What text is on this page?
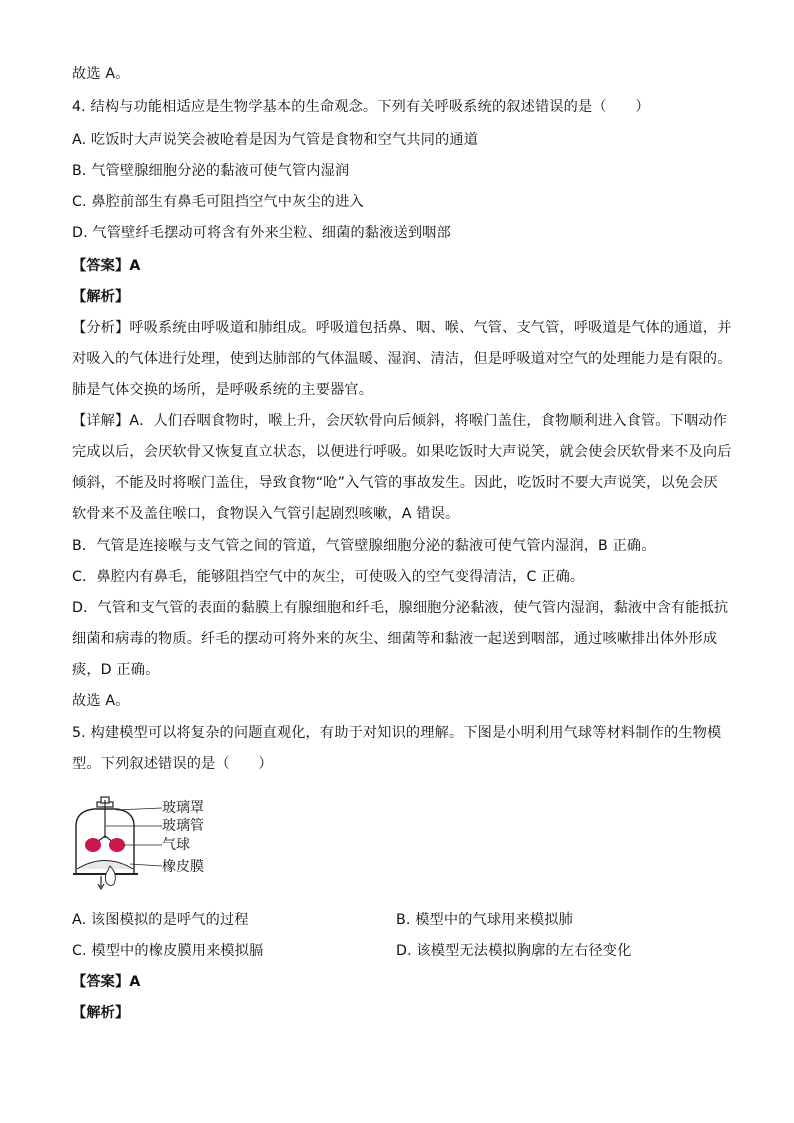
故选 A。
4. 结构与功能相适应是生物学基本的生命观念。下列有关呼吸系统的叙述错误的是（　　）
A. 吃饭时大声说笑会被呛着是因为气管是食物和空气共同的通道
B. 气管壁腺细胞分泌的黏液可使气管内湿润
C. 鼻腔前部生有鼻毛可阻挡空气中灰尘的进入
D. 气管壁纤毛摆动可将含有外来尘粒、细菌的黏液送到咽部
【答案】A
【解析】
【分析】呼吸系统由呼吸道和肺组成。呼吸道包括鼻、咽、喉、气管、支气管，呼吸道是气体的通道，并
对吸入的气体进行处理，使到达肺部的气体温暖、湿润、清洁，但是呼吸道对空气的处理能力是有限的。
肺是气体交换的场所，是呼吸系统的主要器官。
【详解】A．人们吞咽食物时，喉上升，会厌软骨向后倾斜，将喉门盖住，食物顺利进入食管。下咽动作
完成以后，会厌软骨又恢复直立状态，以便进行呼吸。如果吃饭时大声说笑，就会使会厌软骨来不及向后
倾斜，不能及时将喉门盖住，导致食物“呛”入气管的事故发生。因此，吃饭时不要大声说笑，以免会厌
软骨来不及盖住喉口，食物误入气管引起剧烈咳嗽，A 错误。
B．气管是连接喉与支气管之间的管道，气管壁腺细胞分泌的黏液可使气管内湿润，B 正确。
C．鼻腔内有鼻毛，能够阻挡空气中的灰尘，可使吸入的空气变得清洁，C 正确。
D．气管和支气管的表面的黏膜上有腺细胞和纤毛，腺细胞分泌黏液，使气管内湿润，黏液中含有能抵抗
细菌和病毒的物质。纤毛的摆动可将外来的灰尘、细菌等和黏液一起送到咽部，通过咳嗽排出体外形成
痰，D 正确。
故选 A。
5. 构建模型可以将复杂的问题直观化，有助于对知识的理解。下图是小明利用气球等材料制作的生物模
型。下列叙述错误的是（　　）
玻璃罩
玻璃管
气球
橡皮膜
A. 该图模拟的是呼气的过程	B. 模型中的气球用来模拟肺
C. 模型中的橡皮膜用来模拟膈	D. 该模型无法模拟胸廓的左右径变化
【答案】A
【解析】
